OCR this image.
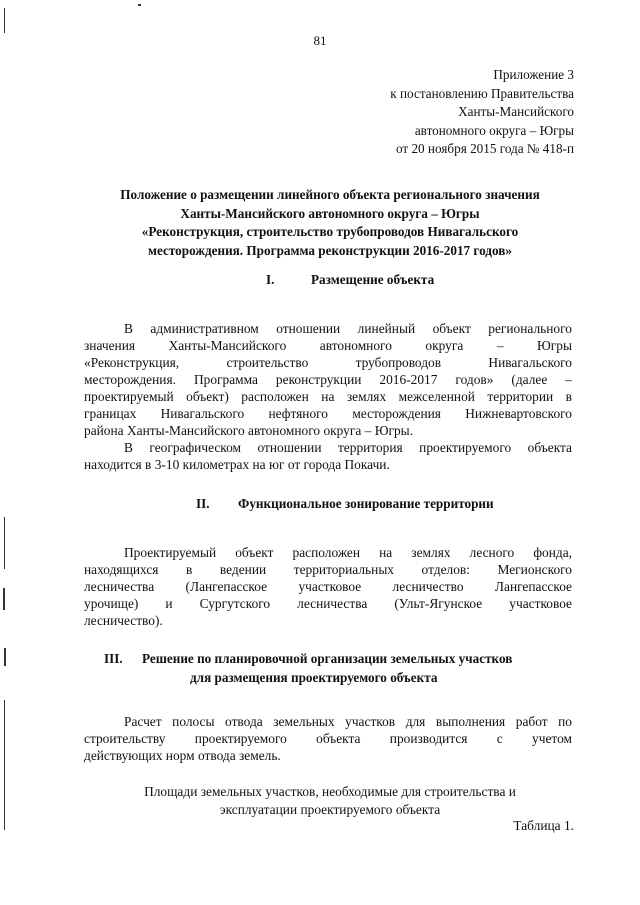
81
Приложение 3
к постановлению Правительства
Ханты-Мансийского
автономного округа – Югры
от 20 ноября 2015 года № 418-п
Положение о размещении линейного объекта регионального значения
Ханты-Мансийского автономного округа – Югры
«Реконструкция, строительство трубопроводов Нивагальского
месторождения. Программа реконструкции 2016-2017 годов»
I.	Размещение объекта
В административном отношении линейный объект регионального
значения Ханты-Мансийского автономного округа – Югры
«Реконструкция, строительство трубопроводов Нивагальского
месторождения. Программа реконструкции 2016-2017 годов» (далее –
проектируемый объект) расположен на землях межселенной территории в
границах Нивагальского нефтяного месторождения Нижневартовского
района Ханты-Мансийского автономного округа – Югры.
В географическом отношении территория проектируемого объекта
находится в 3-10 километрах на юг от города Покачи.
II. Функциональное зонирование территории
Проектируемый объект расположен на землях лесного фонда,
находящихся в ведении территориальных отделов: Мегионского
лесничества (Лангепасское участковое лесничество Лангепасское
урочище) и Сургутского лесничества (Ульт-Ягунское участковое
лесничество).
III. Решение по планировочной организации земельных участков
для размещения проектируемого объекта
Расчет полосы отвода земельных участков для выполнения работ по
строительству проектируемого объекта производится с учетом
действующих норм отвода земель.
Площади земельных участков, необходимые для строительства и
эксплуатации проектируемого объекта
Таблица 1.
